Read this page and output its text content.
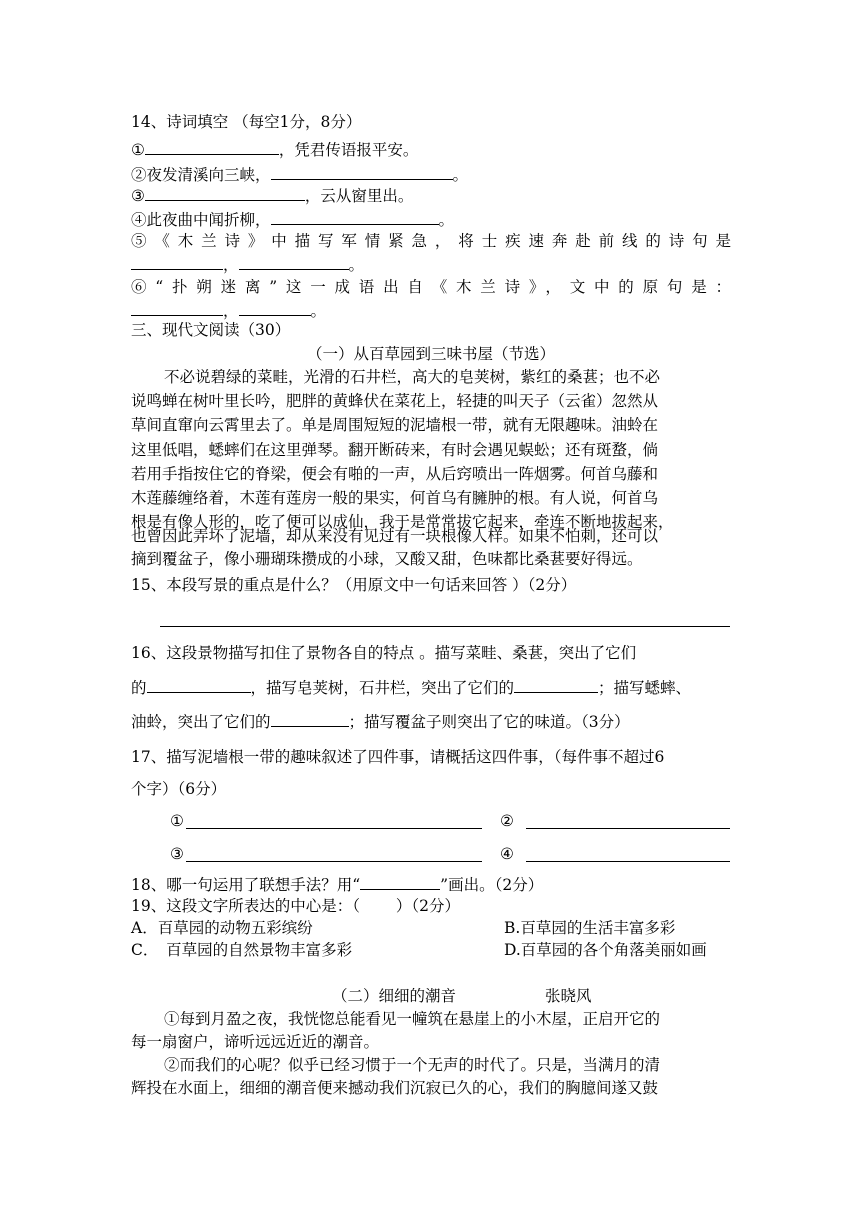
14、诗词填空 （每空1分，8分）
①	，凭君传语报平安。
②夜发清溪向三峡，	。
③	，云从窗里出。
④此夜曲中闻折柳，	。
⑤《木兰诗》中描写军情紧急，将士疾速奔赴前线的诗句是
，	。
⑥“扑朔迷离”这一成语出自《木兰诗》，文中的原句是：
，	。
三、现代文阅读（30）
（一）从百草园到三味书屋（节选）
不必说碧绿的菜畦，光滑的石井栏，高大的皂荚树，紫红的桑葚；也不必
说鸣蝉在树叶里长吟，肥胖的黄蜂伏在菜花上，轻捷的叫天子（云雀）忽然从
草间直窜向云霄里去了。单是周围短短的泥墙根一带，就有无限趣味。油蛉在
这里低唱，蟋蟀们在这里弹琴。翻开断砖来，有时会遇见蜈蚣；还有斑蝥，倘
若用手指按住它的脊梁，便会有啪的一声，从后窍喷出一阵烟雾。何首乌藤和
木莲藤缠络着，木莲有莲房一般的果实，何首乌有臃肿的根。有人说，何首乌
根是有像人形的，吃了便可以成仙，我于是常常拔它起来，牵连不断地拔起来，
也曾因此弄坏了泥墙，却从来没有见过有一块根像人样。如果不怕刺，还可以
摘到覆盆子，像小珊瑚珠攒成的小球，又酸又甜，色味都比桑葚要好得远。
15、本段写景的重点是什么？（用原文中一句话来回答 ）（2分）
16、这段景物描写扣住了景物各自的特点 。描写菜畦、桑葚，突出了它们
的	，描写皂荚树，石井栏，突出了它们的	；描写蟋蟀、
油蛉，突出了它们的	；描写覆盆子则突出了它的味道。（3分）
17、描写泥墙根一带的趣味叙述了四件事，请概括这四件事，（每件事不超过6
个字）（6分）
①	②
③	④
18、哪一句运用了联想手法？用“	”画出。（2分）
19、这段文字所表达的中心是：（　　 ）（2分）
A．百草园的动物五彩缤纷	B.百草园的生活丰富多彩
C．　百草园的自然景物丰富多彩	D.百草园的各个角落美丽如画
（二）细细的潮音	张晓风
①每到月盈之夜，我恍惚总能看见一幢筑在悬崖上的小木屋，正启开它的
每一扇窗户，谛听远远近近的潮音。
②而我们的心呢？似乎已经习惯于一个无声的时代了。只是，当满月的清
辉投在水面上，细细的潮音便来撼动我们沉寂已久的心，我们的胸臆间遂又鼓
